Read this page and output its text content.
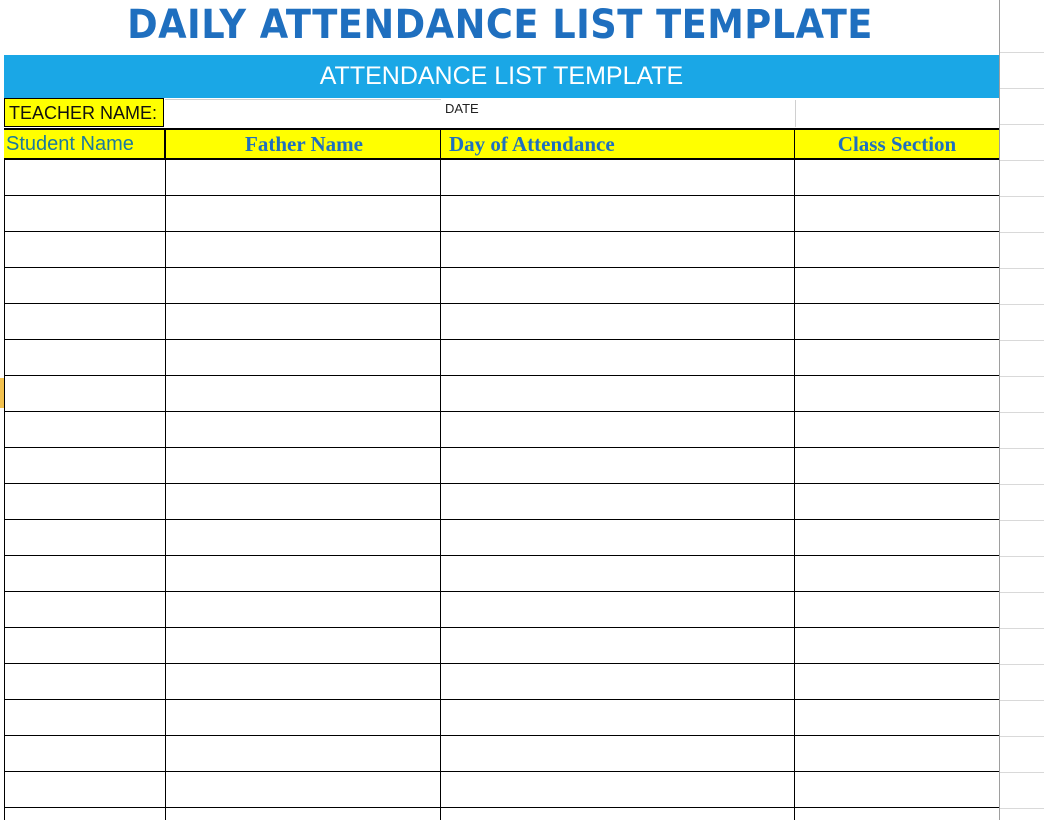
DAILY ATTENDANCE LIST TEMPLATE
ATTENDANCE LIST TEMPLATE
TEACHER NAME:	DATE
Student Name	Father Name	Day of Attendance	Class Section
